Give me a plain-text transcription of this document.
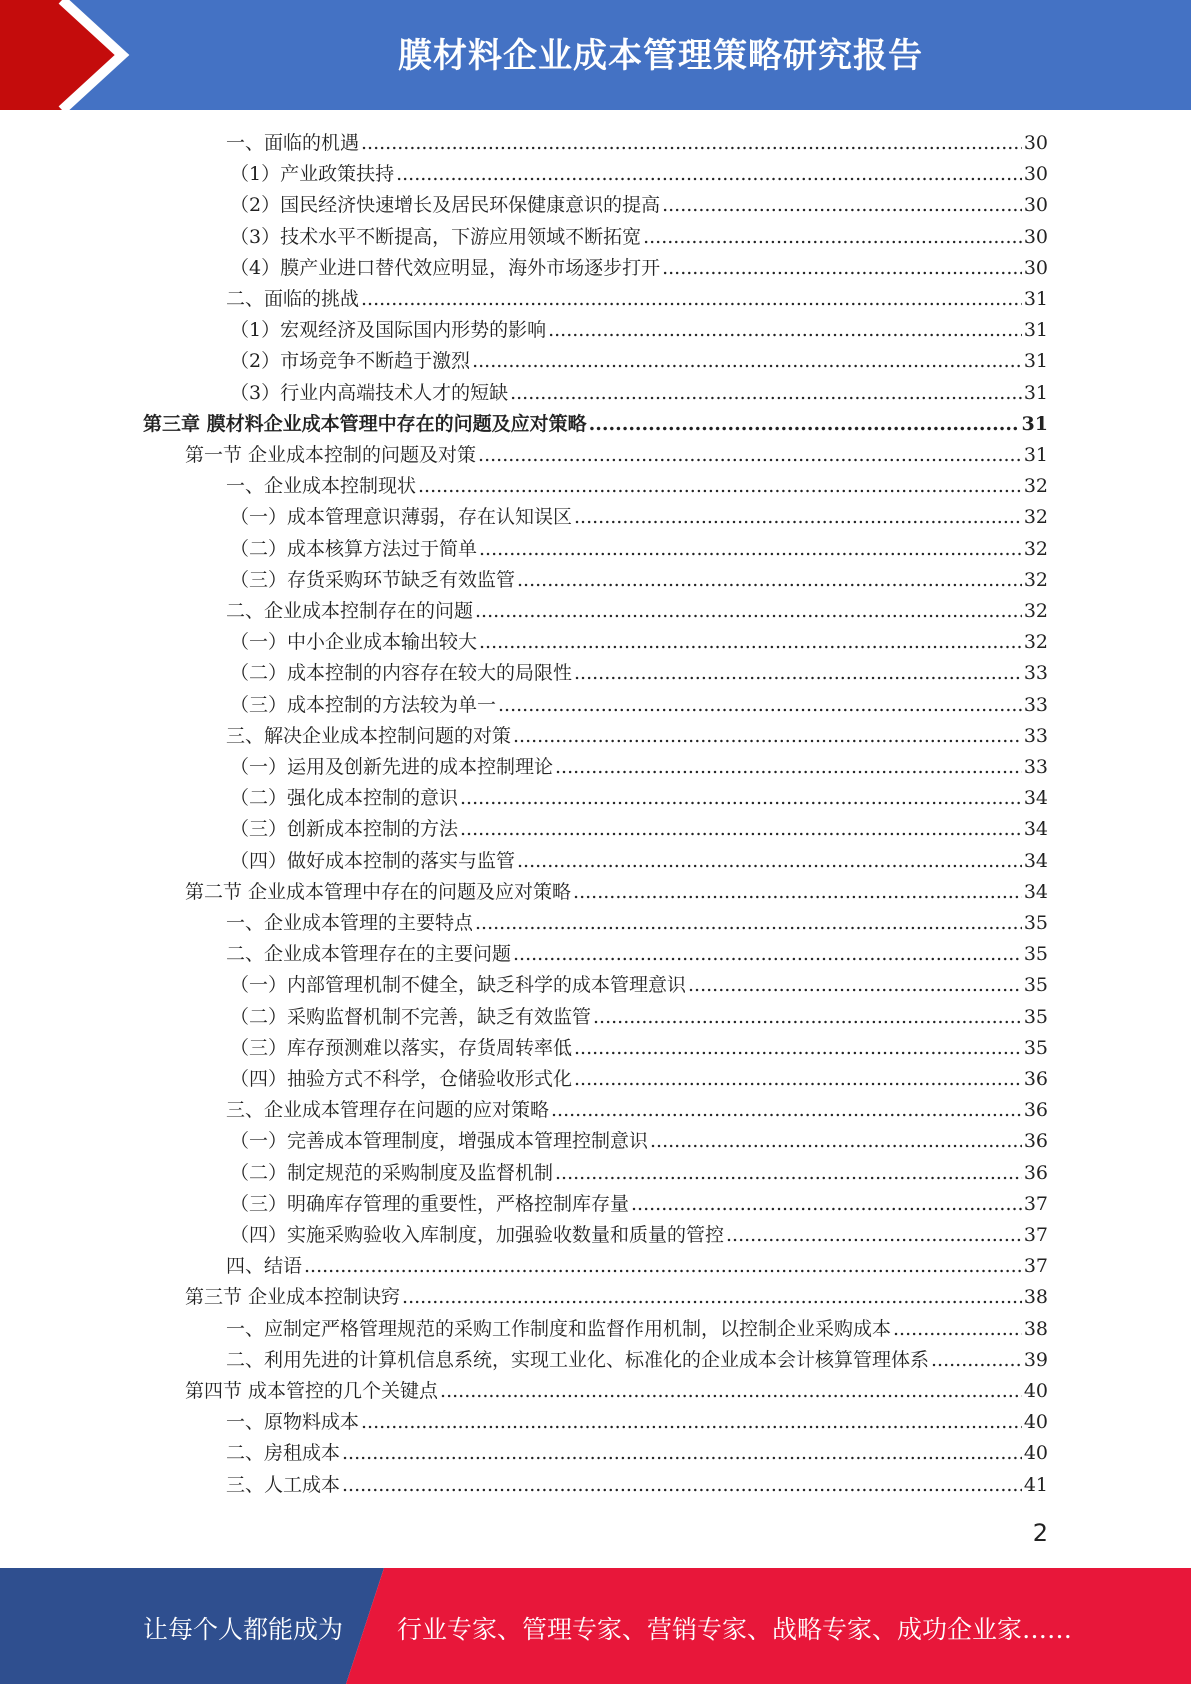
膜材料企业成本管理策略研究报告
一、面临的机遇 .....	30
（1）产业政策扶持 .....	30
（2）国民经济快速增长及居民环保健康意识的提高 .....	30
（3）技术水平不断提高，下游应用领域不断拓宽 .....	30
（4）膜产业进口替代效应明显，海外市场逐步打开 .....	30
二、面临的挑战 .....	31
（1）宏观经济及国际国内形势的影响 .....	31
（2）市场竞争不断趋于激烈 .....	31
（3）行业内高端技术人才的短缺 .....	31
第三章 膜材料企业成本管理中存在的问题及应对策略 .....	31
第一节 企业成本控制的问题及对策 .....	31
一、企业成本控制现状 .....	32
（一）成本管理意识薄弱，存在认知误区 .....	32
（二）成本核算方法过于简单 .....	32
（三）存货采购环节缺乏有效监管 .....	32
二、企业成本控制存在的问题 .....	32
（一）中小企业成本输出较大 .....	32
（二）成本控制的内容存在较大的局限性 .....	33
（三）成本控制的方法较为单一 .....	33
三、解决企业成本控制问题的对策 .....	33
（一）运用及创新先进的成本控制理论 .....	33
（二）强化成本控制的意识 .....	34
（三）创新成本控制的方法 .....	34
（四）做好成本控制的落实与监管 .....	34
第二节 企业成本管理中存在的问题及应对策略 .....	34
一、企业成本管理的主要特点 .....	35
二、企业成本管理存在的主要问题 .....	35
（一）内部管理机制不健全，缺乏科学的成本管理意识 .....	35
（二）采购监督机制不完善，缺乏有效监管 .....	35
（三）库存预测难以落实，存货周转率低 .....	35
（四）抽验方式不科学，仓储验收形式化 .....	36
三、企业成本管理存在问题的应对策略 .....	36
（一）完善成本管理制度，增强成本管理控制意识 .....	36
（二）制定规范的采购制度及监督机制 .....	36
（三）明确库存管理的重要性，严格控制库存量 .....	37
（四）实施采购验收入库制度，加强验收数量和质量的管控 .....	37
四、结语 .....	37
第三节 企业成本控制诀窍 .....	38
一、应制定严格管理规范的采购工作制度和监督作用机制，以控制企业采购成本 .....	38
二、利用先进的计算机信息系统，实现工业化、标准化的企业成本会计核算管理体系 .....	39
第四节 成本管控的几个关键点 .....	40
一、原物料成本 .....	40
二、房租成本 .....	40
三、人工成本 .....	41
2
让每个人都能成为 行业专家、管理专家、营销专家、战略专家、成功企业家……
